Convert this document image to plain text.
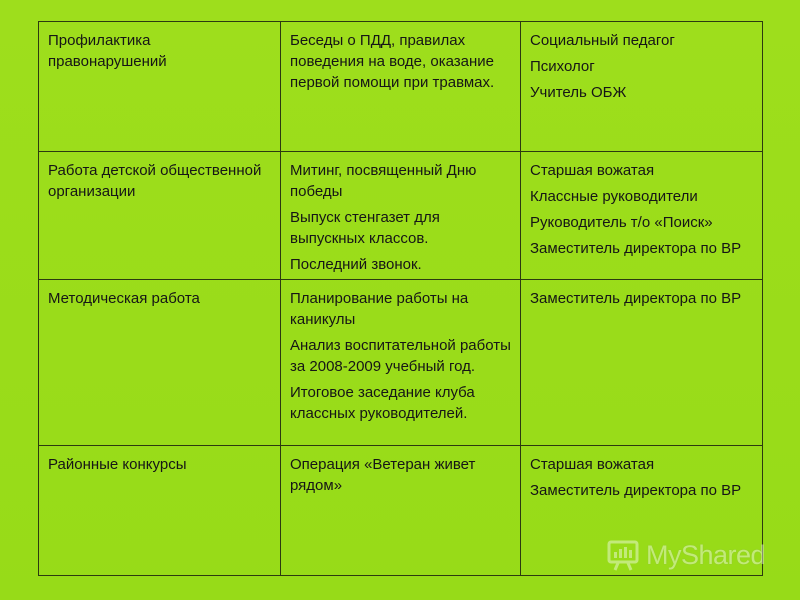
Профилактика правонарушений	Беседы о ПДД, правилах поведения на воде, оказание первой помощи при травмах.	Социальный педагог
Психолог
Учитель ОБЖ

Работа детской общественной организации	Митинг, посвященный Дню победы
Выпуск стенгазет для выпускных классов.
Последний звонок.	Старшая вожатая
Классные руководители
Руководитель т/о «Поиск»
Заместитель директора по ВР

Методическая работа	Планирование работы на каникулы
Анализ воспитательной работы за 2008-2009 учебный год.
Итоговое заседание клуба классных руководителей.	Заместитель директора по ВР

Районные конкурсы	Операция «Ветеран живет рядом»	Старшая вожатая
Заместитель директора по ВР
MyShared
